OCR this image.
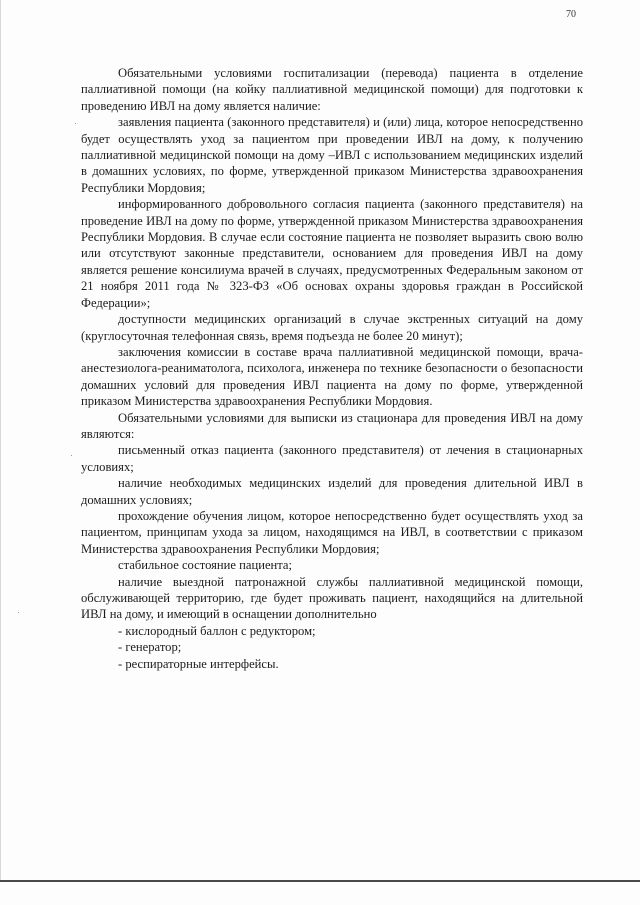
70

Обязательными условиями госпитализации (перевода) пациента в отделение паллиативной помощи (на койку паллиативной медицинской помощи) для подготовки к проведению ИВЛ на дому является наличие:

заявления пациента (законного представителя) и (или) лица, которое непосредственно будет осуществлять уход за пациентом при проведении ИВЛ на дому, к получению паллиативной медицинской помощи на дому –ИВЛ с использованием медицинских изделий в домашних условиях, по форме, утвержденной приказом Министерства здравоохранения Республики Мордовия;

информированного добровольного согласия пациента (законного представителя) на проведение ИВЛ на дому по форме, утвержденной приказом Министерства здравоохранения Республики Мордовия. В случае если состояние пациента не позволяет выразить свою волю или отсутствуют законные представители, основанием для проведения ИВЛ на дому является решение консилиума врачей в случаях, предусмотренных Федеральным законом от 21 ноября 2011 года № 323-ФЗ «Об основах охраны здоровья граждан в Российской Федерации»;

доступности медицинских организаций в случае экстренных ситуаций на дому (круглосуточная телефонная связь, время подъезда не более 20 минут);

заключения комиссии в составе врача паллиативной медицинской помощи, врача-анестезиолога-реаниматолога, психолога, инженера по технике безопасности о безопасности домашних условий для проведения ИВЛ пациента на дому по форме, утвержденной приказом Министерства здравоохранения Республики Мордовия.

Обязательными условиями для выписки из стационара для проведения ИВЛ на дому являются:

письменный отказ пациента (законного представителя) от лечения в стационарных условиях;

наличие необходимых медицинских изделий для проведения длительной ИВЛ в домашних условиях;

прохождение обучения лицом, которое непосредственно будет осуществлять уход за пациентом, принципам ухода за лицом, находящимся на ИВЛ, в соответствии с приказом Министерства здравоохранения Республики Мордовия;

стабильное состояние пациента;

наличие выездной патронажной службы паллиативной медицинской помощи, обслуживающей территорию, где будет проживать пациент, находящийся на длительной ИВЛ на дому, и имеющий в оснащении дополнительно

- кислородный баллон с редуктором;

- генератор;

- респираторные интерфейсы.
